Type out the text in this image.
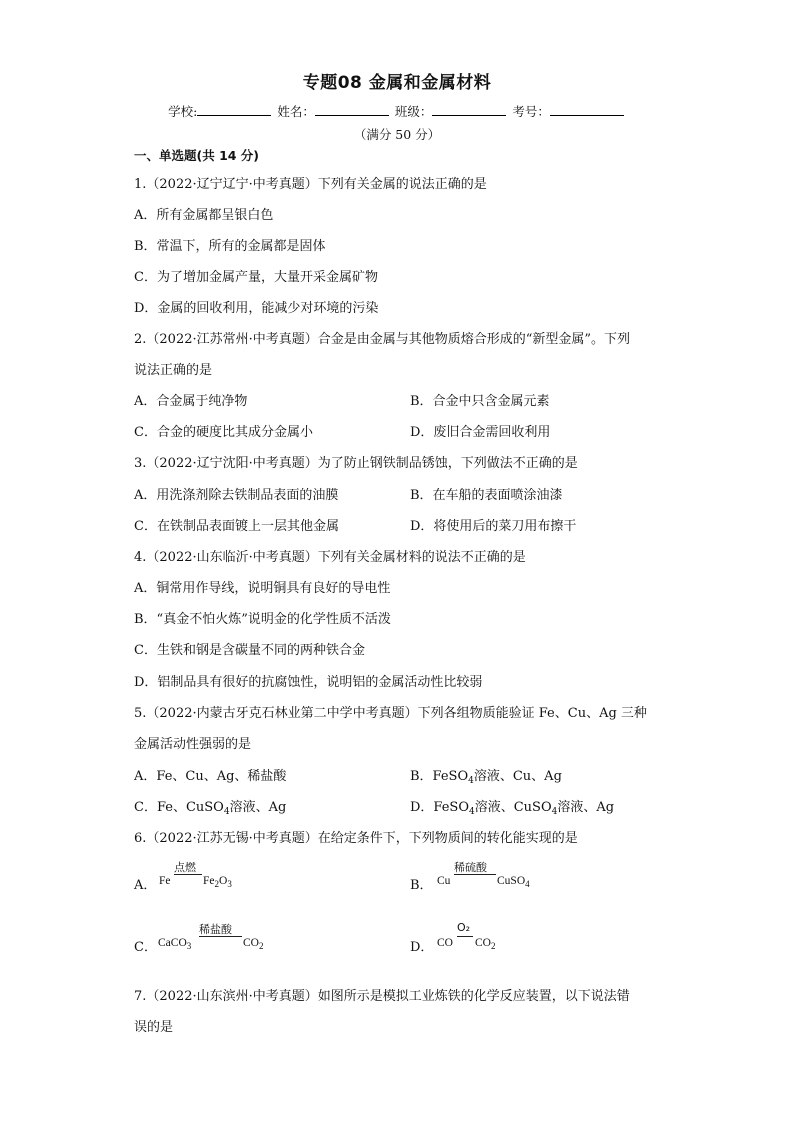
专题08 金属和金属材料
学校:	姓名：	班级：	考号：
（满分 50 分）
一、单选题(共 14 分)
1.（2022·辽宁辽宁·中考真题）下列有关金属的说法正确的是
A．所有金属都呈银白色
B．常温下，所有的金属都是固体
C．为了增加金属产量，大量开采金属矿物
D．金属的回收利用，能减少对环境的污染
2.（2022·江苏常州·中考真题）合金是由金属与其他物质熔合形成的“新型金属”。下列
说法正确的是
A．合金属于纯净物	B．合金中只含金属元素
C．合金的硬度比其成分金属小	D．废旧合金需回收利用
3.（2022·辽宁沈阳·中考真题）为了防止钢铁制品锈蚀，下列做法不正确的是
A．用洗涤剂除去铁制品表面的油膜	B．在车船的表面喷涂油漆
C．在铁制品表面镀上一层其他金属	D．将使用后的菜刀用布擦干
4.（2022·山东临沂·中考真题）下列有关金属材料的说法不正确的是
A．铜常用作导线，说明铜具有良好的导电性
B．“真金不怕火炼”说明金的化学性质不活泼
C．生铁和钢是含碳量不同的两种铁合金
D．铝制品具有很好的抗腐蚀性，说明铝的金属活动性比较弱
5.（2022·内蒙古牙克石林业第二中学中考真题）下列各组物质能验证 Fe、Cu、Ag 三种
金属活动性强弱的是
A．Fe、Cu、Ag、稀盐酸	B．FeSO$_4$溶液、Cu、Ag
C．Fe、CuSO$_4$溶液、Ag	D．FeSO$_4$溶液、CuSO$_4$溶液、Ag
6.（2022·江苏无锡·中考真题）在给定条件下，下列物质间的转化能实现的是
A． Fe
点燃
$Fe_2O_3$	B． Cu
稀硫酸
CuSO$_4$
C． CaCO$_3$
稀盐酸
$CO_2$	D． CO
O₂
$CO_2$
7.（2022·山东滨州·中考真题）如图所示是模拟工业炼铁的化学反应装置，以下说法错
误的是
